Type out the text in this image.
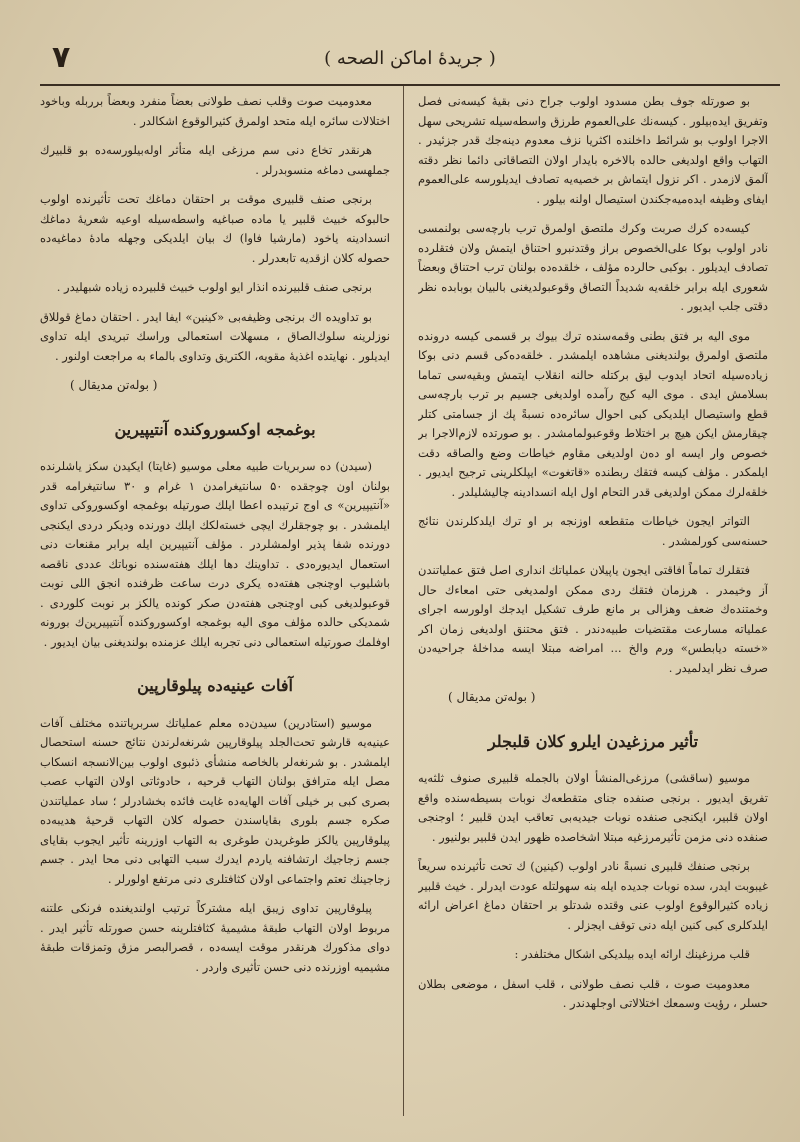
٧	( جریدهٔ اماکن الصحه )

بو صورتله جوف بطن مسدود اولوب جراح دنی بقیهٔ کیسه‌نی فصل وتفریق ایده‌بیلور . کیسه‌نك علی‌العموم طرزق واسطه‌سیله تشریحی سهل الاجرا اولوب بو شرائط داخلنده اکثریا نزف معدوم دینه‌جك قدر جزئیدر . التهاب واقع اولدیغی حالده بالاخره بایدار اولان التصاقاتی دائما نظر دقته آلمق لازمدر . اکر نزول ایتماش بر خصیه‌یه تصادف ایدیلورسه علی‌العموم ایفای وظیفه ایده‌میه‌جکندن استیصال اولنه بیلور .

کیسه‌ده کرك صربت وکرك ملتصق اولمرق ترب بارچه‌سی بولنمسی نادر اولوب بوکا علی‌الخصوص براز وقتدنبرو احتناق ایتمش ولان فتقلرده تصادف ایدیلور . بوکبی حالرده مؤلف ، خلقده‌ده بولنان ترب احتناق وبعضاً شعوری ایله برابر خلقه‌یه شدیداً التصاق وقوعبولدیغنی بالبیان بوبابده نظر دقتی جلب ایدیور .

موی الیه بر فتق بطنی وقمه‌سنده ترك بیوك بر قسمی کیسه درونده ملتصق اولمرق بولندیغنی مشاهده ایلمشدر . خلقه‌ده‌کی قسم دنی بوکا زیاده‌سیله اتحاد ایدوب لیق برکتله حالنه انقلاب ایتمش وبقیه‌سی تماما بسلامش ایدی . موی الیه کیج رآمده اولدیغی جسیم بر ترب بارچه‌سی قطع واستیصال ایلدیکی کبی احوال سائره‌ده نسبةً پك از جسامتی کتلر چیقارمش ایکن هیچ بر اختلاط وقوعبولمامشدر . بو صورتده لازم‌الاجرا بر خصوص وار ایسه او ده‌ن اولدیغی مقاوم خیاطات وضع والصاقه دقت ایلمکدر . مؤلف کیسه فتقك ربطنده «قاتغوت» ایپلکلرینی ترجیح ایدیور . خلقه‌لرك ممکن اولدیغی قدر التحام اول ایله انسدادینه چالیشلیلدر .

التواتر ایجون خیاطات متقطعه اوزنجه بر او ترك ایلدکلرندن نتائج حسنه‌سی کورلمشدر .

فتقلرك تماماً افاقتی ایجون یاپیلان عملیاتك انداری اصل فتق عملیاتندن آز وخیمدر . هرزمان فتقك ردی ممکن اولمدیغی حتی امعاءك حال وخمتنده‌ك ضعف وهزالی بر مانع طرف تشکیل ایدجك اولورسه اجرای عملیاته مسارعت مقتضیات طبیه‌دندر . فتق محتنق اولدیغی زمان اکر «خسته دیابطس» ورم والخ ... امراضه مبتلا ایسه مداخلهٔ جراحیه‌دن صرف نظر ایدلمیدر .

( بولەتن مديقال )
تأثیر مرزغیدن ایلرو کلان قلبجلر

موسیو (ساقشی) مرزغی‌المنشأ اولان بالجمله قلبیری صنوف ثلثه‌یه تفریق ایدیور . برنجی صنفده جنای متقطعه‌ك نوبات بسیطه‌سنده واقع اولان قلبیر، ایکنجی صنفده نوبات جیدیه‌بی تعاقب ایدن قلبیر ؛ اوجنجی صنفده دنی مزمن تأثیرمرزغیه مبتلا اشخاصده ظهور ایدن قلبیر بولنیور .

برنجی صنفك قلبیری نسبةً نادر اولوب (کینین) ك تحت تأثیرنده سریعاً غیبوبت ایدر، سده نوبات جدیده ایله بنه سهولتله عودت ایدرلر . خیث قلبیر زیاده کثیرالوقوع اولوب عنی وقتده شدتلو بر احتقان دماغ اعراض ارائه ایلدکلری کبی کنین ایله دنی توقف ایجزلر .

قلب مرزغینك ارائه ایده بیلدیکی اشکال مختلفدر :

معدومیت صوت ، قلب نصف طولانی ، قلب اسفل ، موضعی بطلان حسلر ، رؤیت وسمعك اختلالاتی اوجلهدندر .

معدومیت صوت وقلب نصف طولانی بعضاً منفرد وبعضاً برربله وباخود اختلالات سائره ایله متحد اولمرق کثیرالوقوع اشکالدر .

هرنقدر تخاع دنی سم مرزغی ایله متأثر اولەبیلورسه‌ده بو قلبیرك جملهسی دماغه منسوبدرلر .

برنجی صنف قلبیری موقت بر احتقان دماغك تحت تأثیرنده اولوب حالبوکه خبیث قلبیر یا ماده صباغیه واسطه‌سیله اوعیه شعریهٔ دماغك انسدادینه یاخود (مارشیا فاوا) ك بیان ایلدیکی وجهله مادهٔ دماغیه‌ده حصوله کلان ازقدیه تابعدرلر .

برنجی صنف قلبیرنده انذار ایو اولوب خبیث قلبیرده زیاده شبهلیدر .

بو تداویده اك برنجی وظیفه‌بی «کینین» ایفا ایدر . احتقان دماغ قوللاق نوزلرینه سلوك‌الصاق ، مسهلات استعمالی وراسك تبریدی ایله تداوی ایدیلور . نهایتده اغذیهٔ مقویه، الکتریق وتداوی بالماء به مراجعت اولنور .

( بولەتن مديقال )
بوغمجه اوکسوروکنده آنتیپیرین

(سیدن) ده سربریات طبیه معلی موسیو (غایتا) ایکیدن سکز یاشلرنده بولنان اون چوجقده ۵٠ سانتیغرامدن ۱ غرام و ۳٠ سانتیغرامه قدر «آنتیپیرین» ی اوج ترتیبده اعطا ایلك صورتیله بوغمجه اوکسوروکی تداوی ایلمشدر . بو چوجقلرك ایچی خسته‌لکك ایلك دورنده ودیکر دردی ایکنجی دورنده شفا پذیر اولمشلردر . مؤلف آنتیپیرین ایله برابر مقنعات دنی استعمال ایدیورەدی . تداوینك دها ایلك هفته‌سنده نوباتك عددی ناقصه باشلیوب اوچنجی هفته‌ده یکری درت ساعت ظرفنده انجق اللی نوبت قوعبولدیغی کبی اوچنجی هفته‌دن صکر کونده یالکز بر نوبت کلوردی . شمدیکی حالده مؤلف موی الیه بوغمجه اوکسوروکنده آنتیپیرین‌ك بورونه اوفلمك صورتیله استعمالی دنی تجربه ایلك عزمنده بولندیغنی بیان ایدیور .

آفات عینیه‌ده پیلوقارپین

موسیو (استادرین) سیدن‌ده معلم عملیاتك سربرياتنده مختلف آفات عینیه‌یه قارشو تحت‌الجلد پیلوقارپین شرنغه‌لرندن نتائج حسنه استحصال ایلمشدر . بو شرنغه‌لر بالخاصه منشأی ذئبوی اولوب بین‌الانسجه انسکاب مصل ایله مترافق بولنان التهاب قرحیه ، حادوثاتی اولان التهاب عصب بصری کبی بر خیلی آفات الهایه‌ده غایت فائده بخشادرلر ؛ ساد عملیاتندن صکره جسم بلوری بقایاسندن حصوله کلان التهاب قرحیهٔ هدیبه‌ده پیلوقارپین یالکز طوغریدن طوغری به التهاب اوزرینه تأثیر ایجوب بقایای جسم زجاجیك ارتشافنه یاردم ایدرك سبب التهابی دنی محا ایدر . جسم زجاجینك تعتم واجتماعی اولان کثافتلری دنی مرتفع اولورلر .

پیلوقارپین تداوی زیبق ایله مشترکاً ترتیب اولندیغنده فرنکی علتنه مربوط اولان التهاب طبقهٔ مشیمیهٔ کثافتلرینه حسن صورتله تأثیر ایدر . دوای مذکورك هرنقدر موقت ایسه‌ده ، قصرالبصر مزق وتمزقات طبقهٔ مشیمیه اوزرنده دنی حسن تأثیری واردر .
